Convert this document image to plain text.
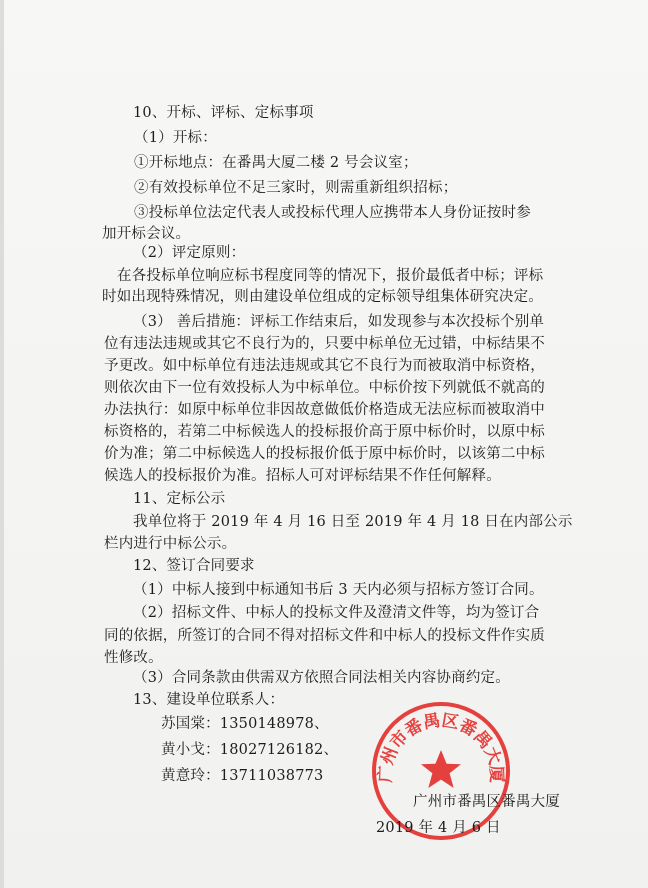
10、开标、评标、定标事项
（1）开标：
①开标地点：在番禺大厦二楼 2 号会议室；
②有效投标单位不足三家时，则需重新组织招标；
③投标单位法定代表人或投标代理人应携带本人身份证按时参
加开标会议。
（2）评定原则：
在各投标单位响应标书程度同等的情况下，报价最低者中标；评标
时如出现特殊情况，则由建设单位组成的定标领导组集体研究决定。
（3） 善后措施：评标工作结束后，如发现参与本次投标个别单
位有违法违规或其它不良行为的，只要中标单位无过错，中标结果不
予更改。如中标单位有违法违规或其它不良行为而被取消中标资格，
则依次由下一位有效投标人为中标单位。中标价按下列就低不就高的
办法执行：如原中标单位非因故意做低价格造成无法应标而被取消中
标资格的，若第二中标候选人的投标报价高于原中标价时，以原中标
价为准；第二中标候选人的投标报价低于原中标价时，以该第二中标
候选人的投标报价为准。招标人可对评标结果不作任何解释。
11、定标公示
我单位将于 2019 年 4 月 16 日至 2019 年 4 月 18 日在内部公示
栏内进行中标公示。
12、签订合同要求
（1）中标人接到中标通知书后 3 天内必须与招标方签订合同。
（2）招标文件、中标人的投标文件及澄清文件等，均为签订合
同的依据，所签订的合同不得对招标文件和中标人的投标文件作实质
性修改。
（3）合同条款由供需双方依照合同法相关内容协商约定。
13、建设单位联系人：
苏国棠：1350148978、
黄小戈：18027126182、
黄意玲：13711038773	广州市番禺区番禺大厦
广州市番禺区番禺大厦
2019 年 4 月 6 日
